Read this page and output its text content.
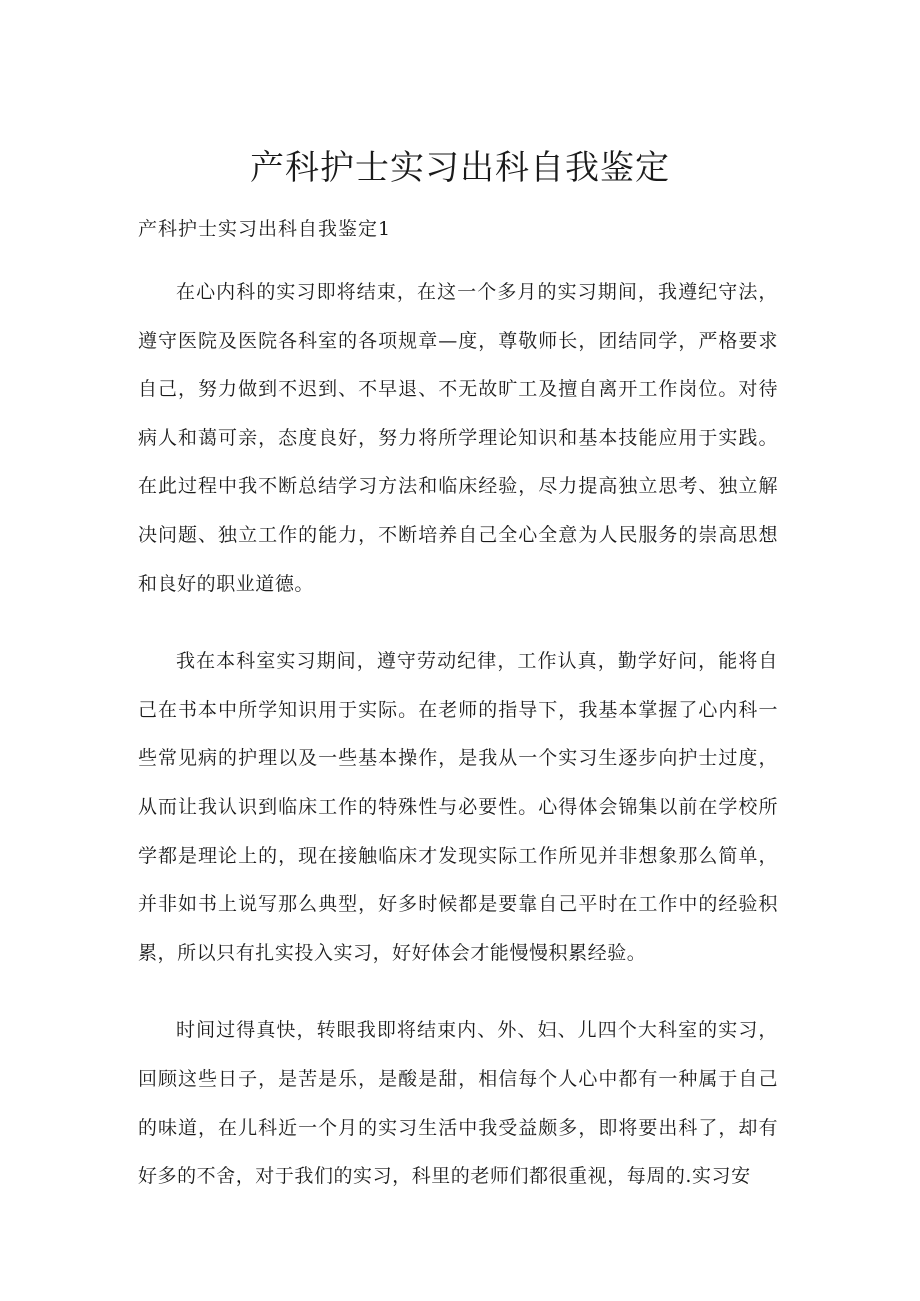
产科护士实习出科自我鉴定

产科护士实习出科自我鉴定1

在心内科的实习即将结束，在这一个多月的实习期间，我遵纪守法，遵守医院及医院各科室的各项规章—度，尊敬师长，团结同学，严格要求自己，努力做到不迟到、不早退、不无故旷工及擅自离开工作岗位。对待病人和蔼可亲，态度良好，努力将所学理论知识和基本技能应用于实践。在此过程中我不断总结学习方法和临床经验，尽力提高独立思考、独立解决问题、独立工作的能力，不断培养自己全心全意为人民服务的崇高思想和良好的职业道德。

我在本科室实习期间，遵守劳动纪律，工作认真，勤学好问，能将自己在书本中所学知识用于实际。在老师的指导下，我基本掌握了心内科一些常见病的护理以及一些基本操作，是我从一个实习生逐步向护士过度，从而让我认识到临床工作的特殊性与必要性。心得体会锦集以前在学校所学都是理论上的，现在接触临床才发现实际工作所见并非想象那么简单，并非如书上说写那么典型，好多时候都是要靠自己平时在工作中的经验积累，所以只有扎实投入实习，好好体会才能慢慢积累经验。

时间过得真快，转眼我即将结束内、外、妇、儿四个大科室的实习，回顾这些日子，是苦是乐，是酸是甜，相信每个人心中都有一种属于自己的味道，在儿科近一个月的实习生活中我受益颇多，即将要出科了，却有好多的不舍，对于我们的实习，科里的老师们都很重视，每周的.实习安
